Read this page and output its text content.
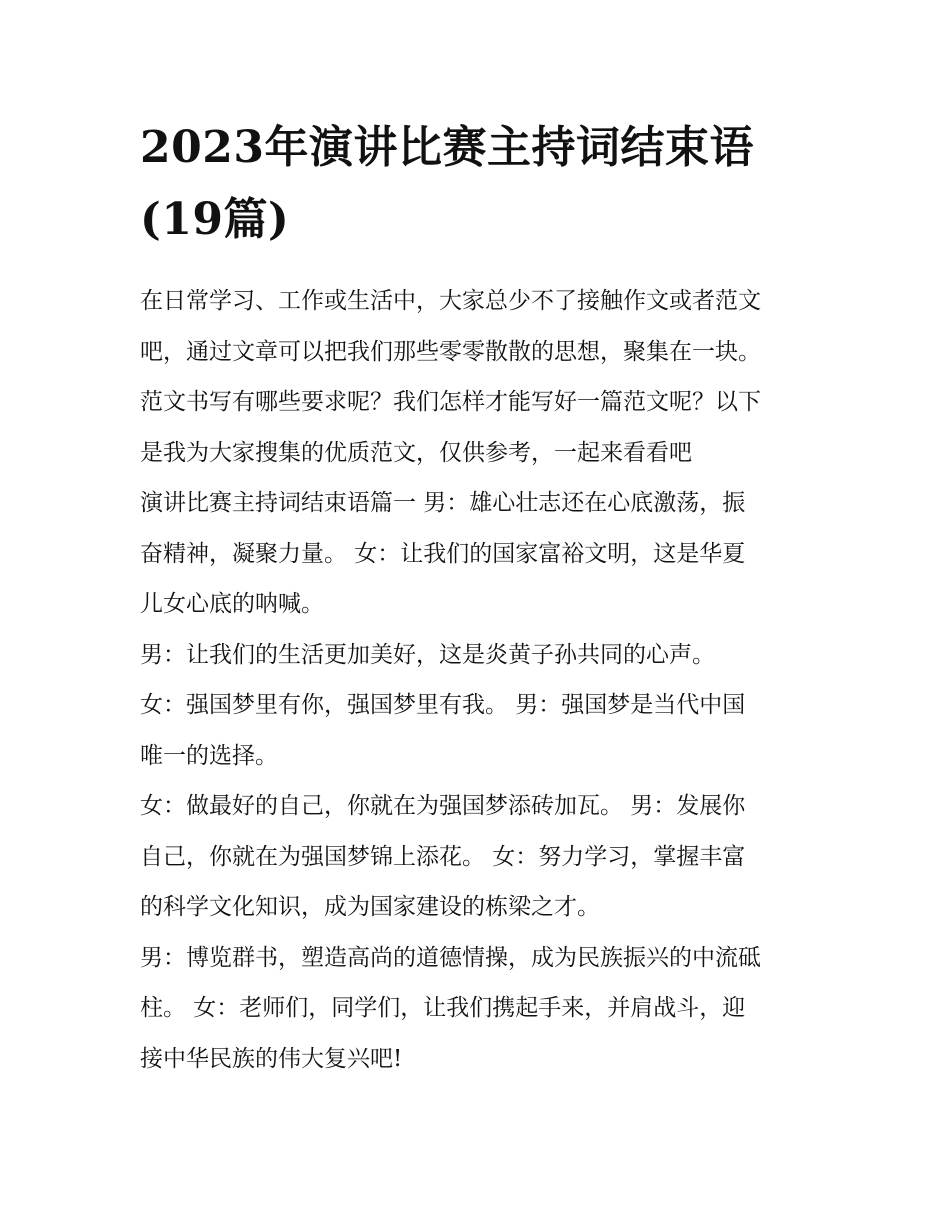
2023年演讲比赛主持词结束语
(19篇)

在日常学习、工作或生活中，大家总少不了接触作文或者范文

吧，通过文章可以把我们那些零零散散的思想，聚集在一块。

范文书写有哪些要求呢？我们怎样才能写好一篇范文呢？以下

是我为大家搜集的优质范文，仅供参考，一起来看看吧

演讲比赛主持词结束语篇一 男：雄心壮志还在心底激荡，振

奋精神，凝聚力量。 女：让我们的国家富裕文明，这是华夏

儿女心底的呐喊。

男：让我们的生活更加美好，这是炎黄子孙共同的心声。

女：强国梦里有你，强国梦里有我。 男：强国梦是当代中国

唯一的选择。

女：做最好的自己，你就在为强国梦添砖加瓦。 男：发展你

自己，你就在为强国梦锦上添花。 女：努力学习，掌握丰富

的科学文化知识，成为国家建设的栋梁之才。

男：博览群书，塑造高尚的道德情操，成为民族振兴的中流砥

柱。 女：老师们，同学们，让我们携起手来，并肩战斗，迎

接中华民族的伟大复兴吧!
